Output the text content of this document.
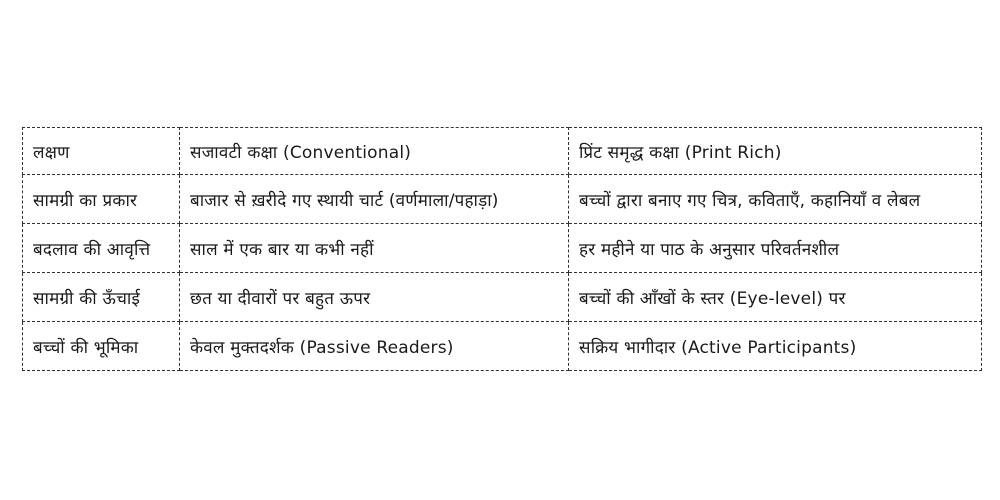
लक्षण	सजावटी कक्षा (Conventional)	प्रिंट समृद्ध कक्षा (Print Rich)
सामग्री का प्रकार	बाजार से ख़रीदे गए स्थायी चार्ट (वर्णमाला/पहाड़ा)	बच्चों द्वारा बनाए गए चित्र, कविताएँ, कहानियाँ व लेबल
बदलाव की आवृत्ति	साल में एक बार या कभी नहीं	हर महीने या पाठ के अनुसार परिवर्तनशील
सामग्री की ऊँचाई	छत या दीवारों पर बहुत ऊपर	बच्चों की आँखों के स्तर (Eye-level) पर
बच्चों की भूमिका	केवल मुक्तदर्शक (Passive Readers)	सक्रिय भागीदार (Active Participants)
